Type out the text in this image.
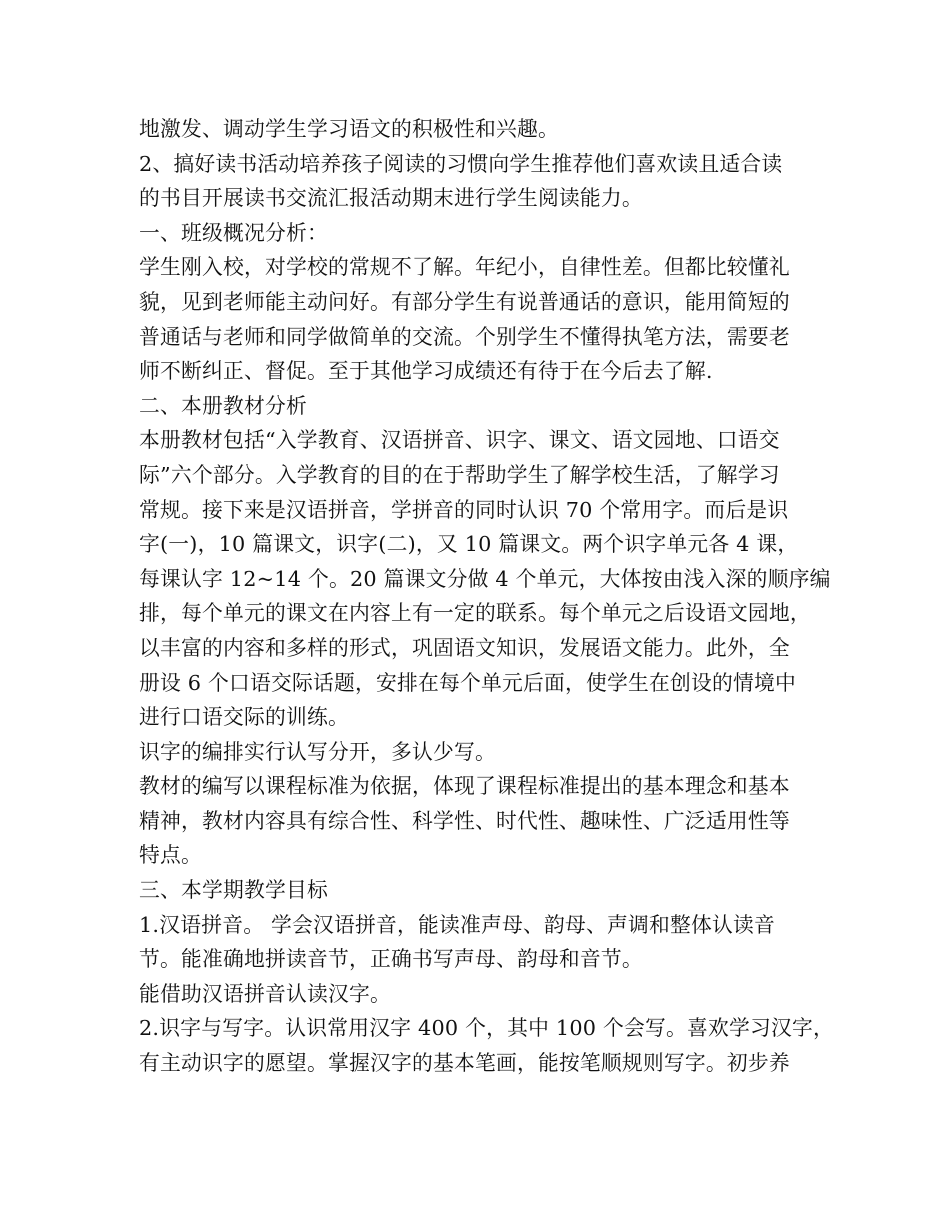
地激发、调动学生学习语文的积极性和兴趣。
2、搞好读书活动培养孩子阅读的习惯向学生推荐他们喜欢读且适合读
的书目开展读书交流汇报活动期末进行学生阅读能力。
一、班级概况分析：
学生刚入校，对学校的常规不了解。年纪小，自律性差。但都比较懂礼
貌，见到老师能主动问好。有部分学生有说普通话的意识，能用简短的
普通话与老师和同学做简单的交流。个别学生不懂得执笔方法，需要老
师不断纠正、督促。至于其他学习成绩还有待于在今后去了解.
二、本册教材分析
本册教材包括“入学教育、汉语拼音、识字、课文、语文园地、口语交
际”六个部分。入学教育的目的在于帮助学生了解学校生活，了解学习
常规。接下来是汉语拼音，学拼音的同时认识 70 个常用字。而后是识
字(一)，10 篇课文，识字(二)，又 10 篇课文。两个识字单元各 4 课，
每课认字 12~14 个。20 篇课文分做 4 个单元，大体按由浅入深的顺序编
排，每个单元的课文在内容上有一定的联系。每个单元之后设语文园地，
以丰富的内容和多样的形式，巩固语文知识，发展语文能力。此外，全
册设 6 个口语交际话题，安排在每个单元后面，使学生在创设的情境中
进行口语交际的训练。
识字的编排实行认写分开，多认少写。
教材的编写以课程标准为依据，体现了课程标准提出的基本理念和基本
精神，教材内容具有综合性、科学性、时代性、趣味性、广泛适用性等
特点。
三、本学期教学目标
1.汉语拼音。 学会汉语拼音，能读准声母、韵母、声调和整体认读音
节。能准确地拼读音节，正确书写声母、韵母和音节。
能借助汉语拼音认读汉字。
2.识字与写字。认识常用汉字 400 个，其中 100 个会写。喜欢学习汉字，
有主动识字的愿望。掌握汉字的基本笔画，能按笔顺规则写字。初步养
